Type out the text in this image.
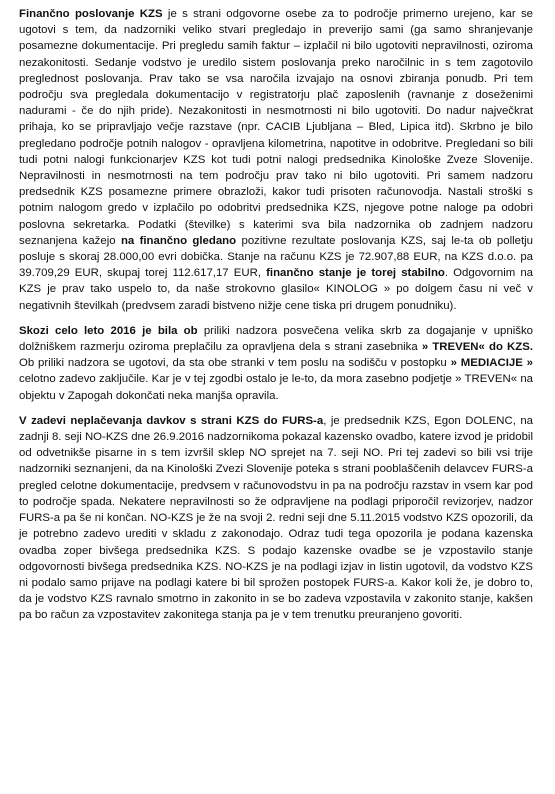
Finančno poslovanje KZS je s strani odgovorne osebe za to področje primerno urejeno, kar se ugotovi s tem, da nadzorniki veliko stvari pregledajo in preverijo sami (ga samo shranjevanje posamezne dokumentacije. Pri pregledu samih faktur – izplačil ni bilo ugotoviti nepravilnosti, oziroma nezakonitosti. Sedanje vodstvo je uredilo sistem poslovanja preko naročilnic in s tem zagotovilo preglednost poslovanja. Prav tako se vsa naročila izvajajo na osnovi zbiranja ponudb. Pri tem področju sva pregledala dokumentacijo v registratorju plač zaposlenih (ravnanje z doseženimi nadurami - če do njih pride). Nezakonitosti in nesmotrnosti ni bilo ugotoviti. Do nadur največkrat prihaja, ko se pripravljajo večje razstave (npr. CACIB Ljubljana – Bled, Lipica itd). Skrbno je bilo pregledano področje potnih nalogov - opravljena kilometrina, napotitve in odobritve. Pregledani so bili tudi potni nalogi funkcionarjev KZS kot tudi potni nalogi predsednika Kinološke Zveze Slovenije. Nepravilnosti in nesmotrnosti na tem področju prav tako ni bilo ugotoviti. Pri samem nadzoru predsednik KZS posamezne primere obrazloži, kakor tudi prisoten računovodja. Nastali stroški s potnim nalogom gredo v izplačilo po odobritvi predsednika KZS, njegove potne naloge pa odobri poslovna sekretarka. Podatki (številke) s katerimi sva bila nadzornika ob zadnjem nadzoru seznanjena kažejo na finančno gledano pozitivne rezultate poslovanja KZS, saj le-ta ob polletju posluje s skoraj 28.000,00 evri dobička. Stanje na računu KZS je 72.907,88 EUR, na KZS d.o.o. pa 39.709,29 EUR, skupaj torej 112.617,17 EUR, finančno stanje je torej stabilno. Odgovornim na KZS je prav tako uspelo to, da naše strokovno glasilo« KINOLOG » po dolgem času ni več v negativnih številkah (predvsem zaradi bistveno nižje cene tiska pri drugem ponudniku).

Skozi celo leto 2016 je bila ob priliki nadzora posvečena velika skrb za dogajanje v upniško dolžniškem razmerju oziroma preplačilu za opravljena dela s strani zasebnika » TREVEN« do KZS. Ob priliki nadzora se ugotovi, da sta obe stranki v tem poslu na sodišču v postopku » MEDIACIJE » celotno zadevo zaključile. Kar je v tej zgodbi ostalo je le-to, da mora zasebno podjetje » TREVEN« na objektu v Zapogah dokončati neka manjša opravila.

V zadevi neplačevanja davkov s strani KZS do FURS-a, je predsednik KZS, Egon DOLENC, na zadnji 8. seji NO-KZS dne 26.9.2016 nadzornikoma pokazal kazensko ovadbo, katere izvod je pridobil od odvetnikše pisarne in s tem izvršil sklep NO sprejet na 7. seji NO. Pri tej zadevi so bili vsi trije nadzorniki seznanjeni, da na Kinološki Zvezi Slovenije poteka s strani pooblaščenih delavcev FURS-a pregled celotne dokumentacije, predvsem v računovodstvu in pa na področju razstav in vsem kar pod to področje spada. Nekatere nepravilnosti so že odpravljene na podlagi priporočil revizorjev, nadzor FURS-a pa še ni končan. NO-KZS je že na svoji 2. redni seji dne 5.11.2015 vodstvo KZS opozorili, da je potrebno zadevo urediti v skladu z zakonodajo. Odraz tudi tega opozorila je podana kazenska ovadba zoper bivšega predsednika KZS. S podajo kazenske ovadbe se je vzpostavilo stanje odgovornosti bivšega predsednika KZS. NO-KZS je na podlagi izjav in listin ugotovil, da vodstvo KZS ni podalo samo prijave na podlagi katere bi bil sprožen postopek FURS-a. Kakor koli že, je dobro to, da je vodstvo KZS ravnalo smotrno in zakonito in se bo zadeva vzpostavila v zakonito stanje, kakšen pa bo račun za vzpostavitev zakonitega stanja pa je v tem trenutku preuranjeno govoriti.
